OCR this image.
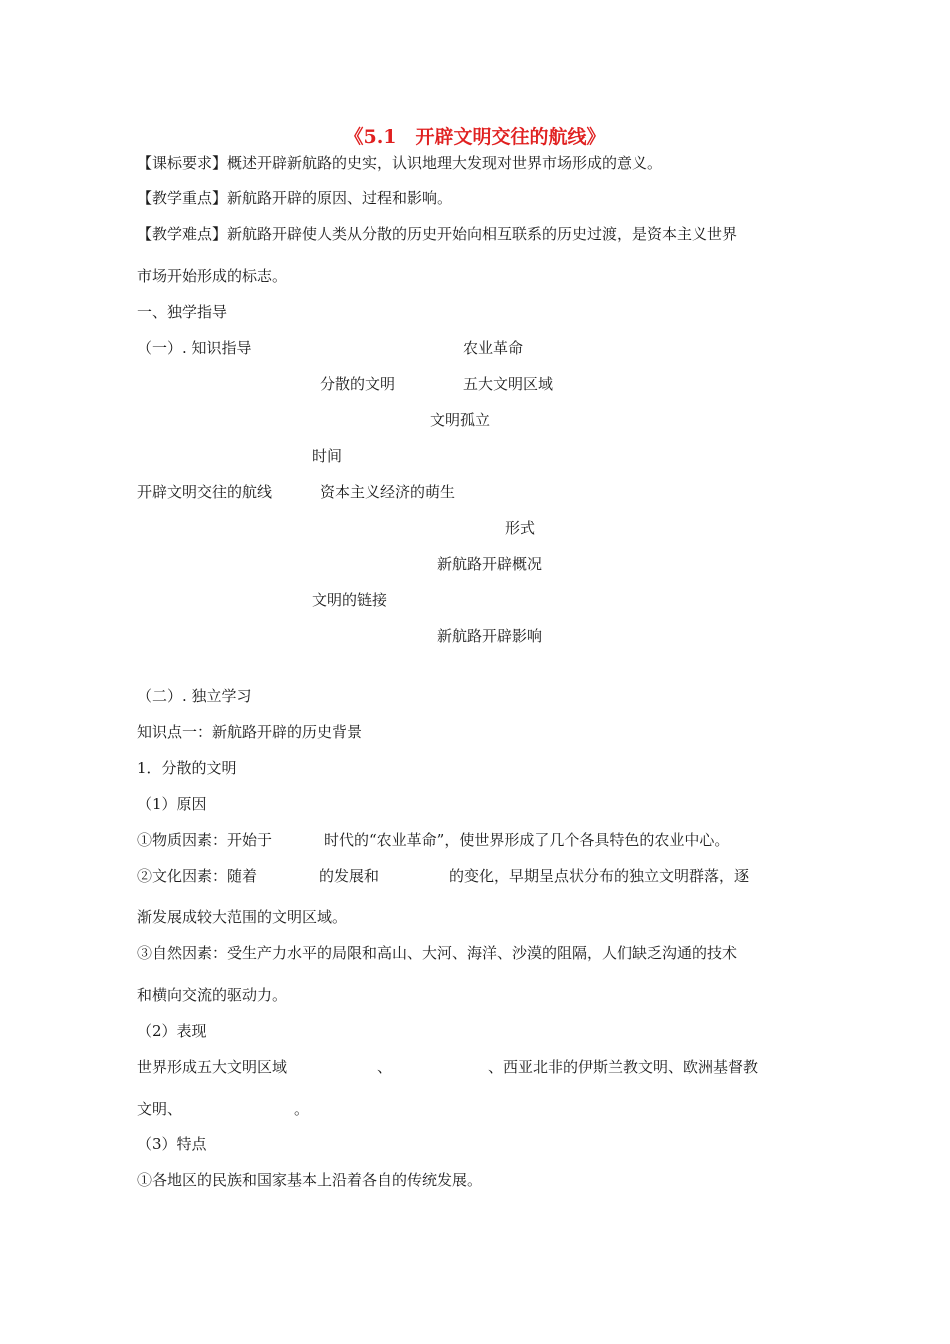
《5.1　开辟文明交往的航线》
【课标要求】概述开辟新航路的史实，认识地理大发现对世界市场形成的意义。
【教学重点】新航路开辟的原因、过程和影响。
【教学难点】新航路开辟使人类从分散的历史开始向相互联系的历史过渡，是资本主义世界
市场开始形成的标志。
一、独学指导
（一）. 知识指导	农业革命
分散的文明	五大文明区域
文明孤立
时间
开辟文明交往的航线	资本主义经济的萌生
形式
新航路开辟概况
文明的链接
新航路开辟影响
（二）. 独立学习
知识点一：新航路开辟的历史背景
1．分散的文明
（1）原因
①物质因素：开始于	时代的“农业革命”，使世界形成了几个各具特色的农业中心。
②文化因素：随着	的发展和	的变化，早期呈点状分布的独立文明群落，逐
渐发展成较大范围的文明区域。
③自然因素：受生产力水平的局限和高山、大河、海洋、沙漠的阻隔，人们缺乏沟通的技术
和横向交流的驱动力。
（2）表现
世界形成五大文明区域	、	、西亚北非的伊斯兰教文明、欧洲基督教
文明、	。
（3）特点
①各地区的民族和国家基本上沿着各自的传统发展。
